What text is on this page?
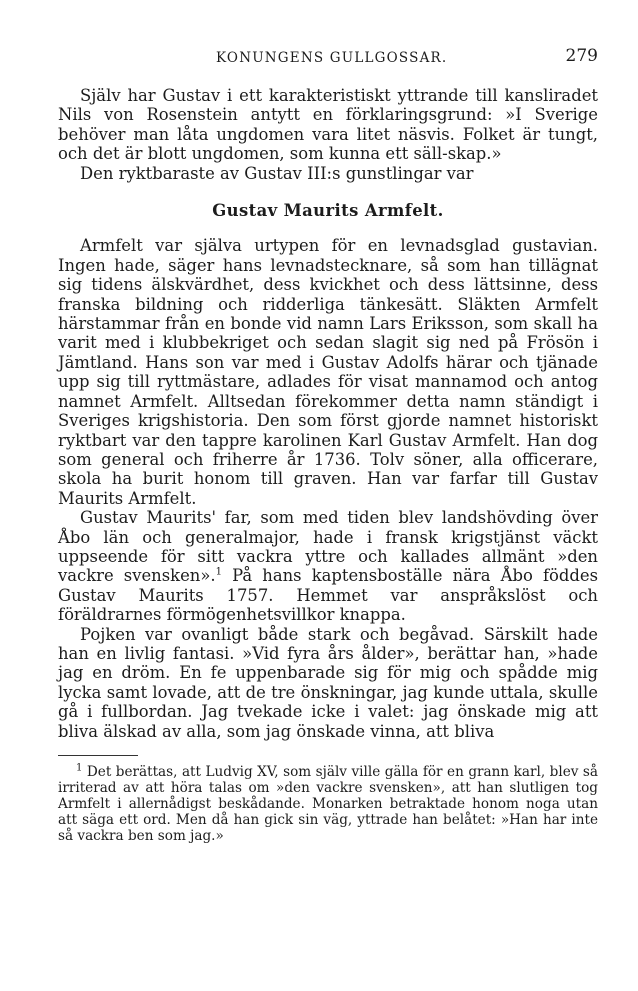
KONUNGENS GULLGOSSAR.	279

Själv har Gustav i ett karakteristiskt yttrande till kansliradet Nils von Rosenstein antytt en förklaringsgrund: »I Sverige behöver man låta ungdomen vara litet näsvis. Folket är tungt, och det är blott ungdomen, som kunna ett säll-skap.»

Den ryktbaraste av Gustav III:s gunstlingar var

Gustav Maurits Armfelt.

Armfelt var själva urtypen för en levnadsglad gustavian. Ingen hade, säger hans levnadstecknare, så som han tillägnat sig tidens älskvärdhet, dess kvickhet och dess lättsinne, dess franska bildning och ridderliga tänkesätt. Släkten Armfelt härstammar från en bonde vid namn Lars Eriksson, som skall ha varit med i klubbekriget och sedan slagit sig ned på Frösön i Jämtland. Hans son var med i Gustav Adolfs härar och tjänade upp sig till ryttmästare, adlades för visat mannamod och antog namnet Armfelt. Alltsedan förekommer detta namn ständigt i Sveriges krigshistoria. Den som först gjorde namnet historiskt ryktbart var den tappre karolinen Karl Gustav Armfelt. Han dog som general och friherre år 1736. Tolv söner, alla officerare, skola ha burit honom till graven. Han var farfar till Gustav Maurits Armfelt.

Gustav Maurits' far, som med tiden blev landshövding över Åbo län och generalmajor, hade i fransk krigstjänst väckt uppseende för sitt vackra yttre och kallades allmänt »den vackre svensken».$^1$ På hans kaptensboställe nära Åbo föddes Gustav Maurits 1757. Hemmet var anspråkslöst och föräldrarnes förmögenhetsvillkor knappa.

Pojken var ovanligt både stark och begåvad. Särskilt hade han en livlig fantasi. »Vid fyra års ålder», berättar han, »hade jag en dröm. En fe uppenbarade sig för mig och spådde mig lycka samt lovade, att de tre önskningar, jag kunde uttala, skulle gå i fullbordan. Jag tvekade icke i valet: jag önskade mig att bliva älskad av alla, som jag önskade vinna, att bliva

$^1$ Det berättas, att Ludvig XV, som själv ville gälla för en grann karl, blev så irriterad av att höra talas om »den vackre svensken», att han slutligen tog Armfelt i allernådigst beskådande. Monarken betraktade honom noga utan att säga ett ord. Men då han gick sin väg, yttrade han belåtet: »Han har inte så vackra ben som jag.»
